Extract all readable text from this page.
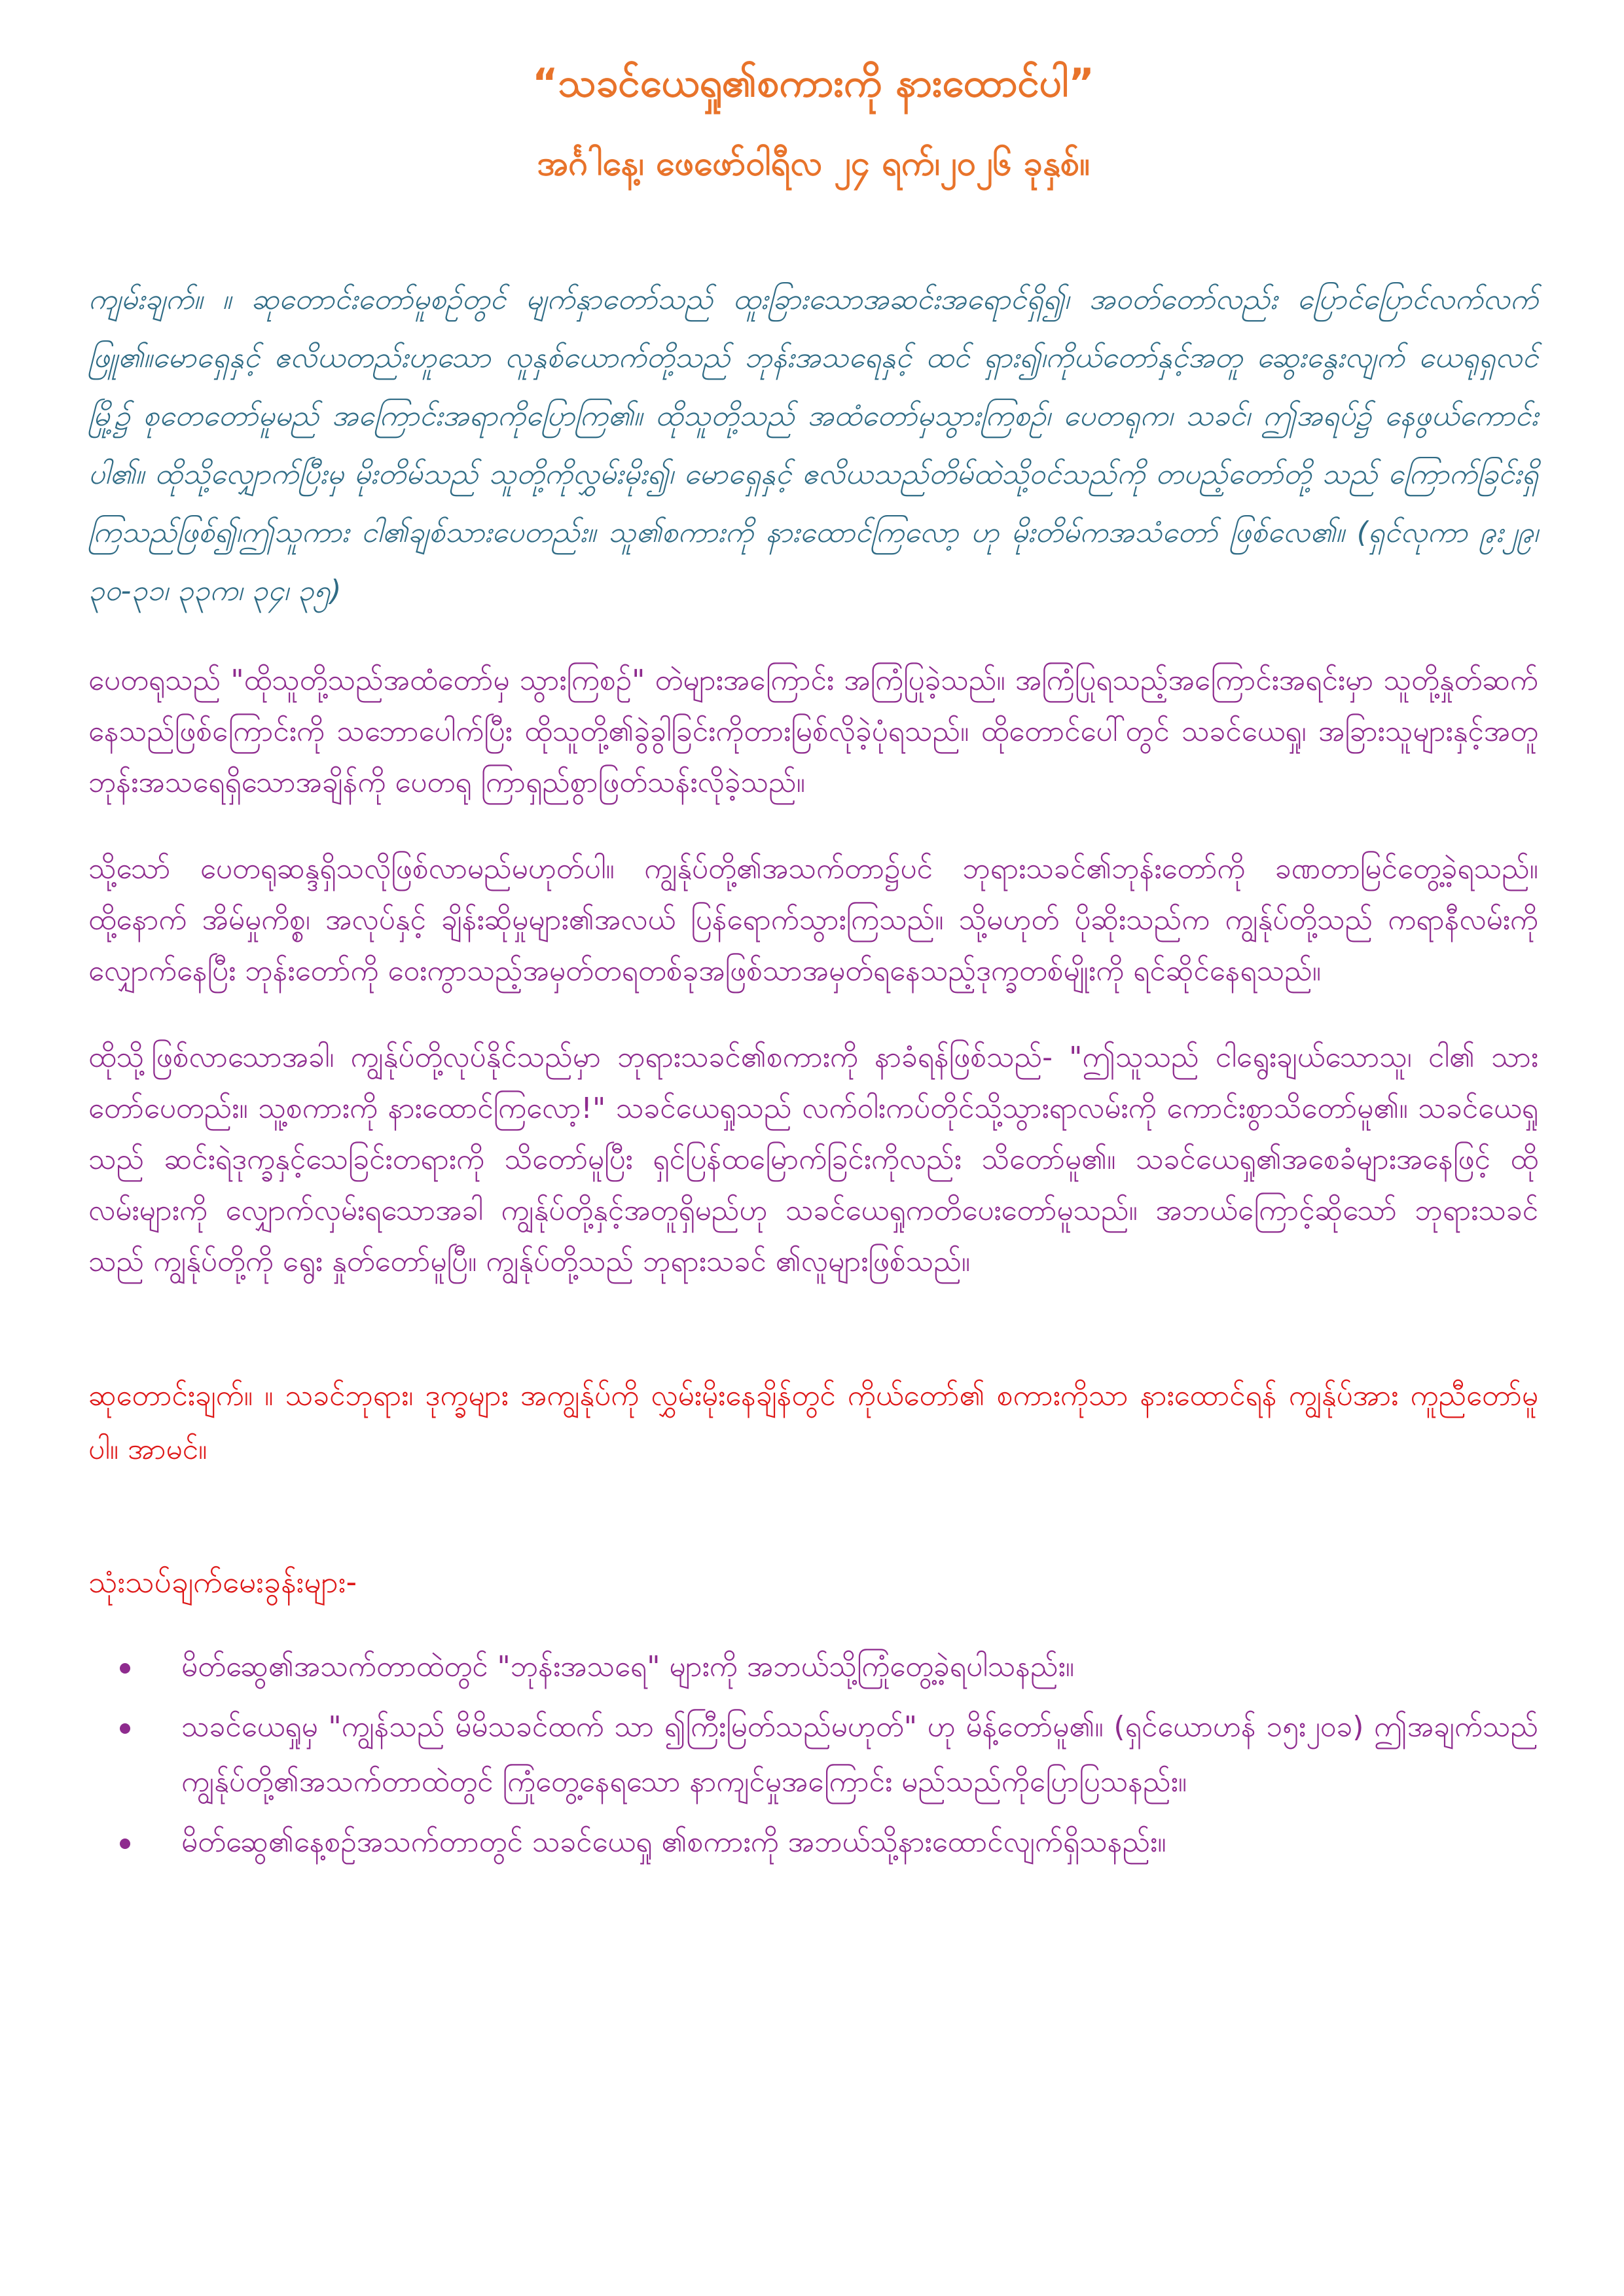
“သခင်ယေရှု၏စကားကို နားထောင်ပါ”
အင်္ဂါနေ့၊ ဖေဖော်ဝါရီလ ၂၄ ရက်၊၂၀၂၆ ခုနှစ်။

ကျမ်းချက်။ ။ ဆုတောင်းတော်မူစဉ်တွင် မျက်နှာတော်သည် ထူးခြားသောအဆင်းအရောင်ရှိ၍၊ အဝတ်တော်လည်း ပြောင်ပြောင်လက်လက် ဖြူ၏။မောရှေနှင့် ဧလိယတည်းဟူသော လူနှစ်ယောက်တို့သည် ဘုန်းအသရေနှင့် ထင် ရှား၍၊ကိုယ်တော်နှင့်အတူ ဆွေးနွေးလျက် ယေရုရှလင်မြို့၌ စုတေတော်မူမည် အကြောင်းအရာကိုပြောကြ၏။ ထိုသူတို့သည် အထံတော်မှသွားကြစဉ်၊ ပေတရုက၊ သခင်၊ ဤအရပ်၌ နေဖွယ်ကောင်းပါ၏။ ထိုသို့လျှောက်ပြီးမှ မိုးတိမ်သည် သူတို့ကိုလွှမ်းမိုး၍၊ မောရှေနှင့် ဧလိယသည်တိမ်ထဲသို့ဝင်သည်ကို တပည့်တော်တို့ သည် ကြောက်ခြင်းရှိကြသည်ဖြစ်၍၊ဤသူကား ငါ၏ချစ်သားပေတည်း။ သူ၏စကားကို နားထောင်ကြလော့ ဟု မိုးတိမ်ကအသံတော် ဖြစ်လေ၏။ (ရှင်လုကာ ၉း၂၉၊ ၃၀-၃၁၊ ၃၃က၊ ၃၄၊ ၃၅)

ပေတရုသည် "ထိုသူတို့သည်အထံတော်မှ သွားကြစဉ်" တဲများအကြောင်း အကြံပြုခဲ့သည်။ အကြံပြုရသည့်အကြောင်းအရင်းမှာ သူတို့နှုတ်ဆက်နေသည်ဖြစ်ကြောင်းကို သဘောပေါက်ပြီး ထိုသူတို့၏ခွဲခွါခြင်းကိုတားမြစ်လိုခဲ့ပုံရသည်။ ထိုတောင်ပေါ်တွင် သခင်ယေရှု၊ အခြားသူများနှင့်အတူ ဘုန်းအသရေရှိသောအချိန်ကို ပေတရု ကြာရှည်စွာဖြတ်သန်းလိုခဲ့သည်။

သို့သော် ပေတရုဆန္ဒရှိသလိုဖြစ်လာမည်မဟုတ်ပါ။ ကျွန်ုပ်တို့၏အသက်တာ၌ပင် ဘုရားသခင်၏ဘုန်းတော်ကို ခဏတာမြင်တွေ့ခဲ့ရသည်။ ထို့နောက် အိမ်မှုကိစ္စ၊ အလုပ်နှင့် ချိန်းဆိုမှုများ၏အလယ် ပြန်ရောက်သွားကြသည်။ သို့မဟုတ် ပိုဆိုးသည်က ကျွန်ုပ်တို့သည် ကရာနီလမ်းကို လျှောက်နေပြီး ဘုန်းတော်ကို ဝေးကွာသည့်အမှတ်တရတစ်ခုအဖြစ်သာအမှတ်ရနေသည့်ဒုက္ခတစ်မျိုးကို ရင်ဆိုင်နေရသည်။

ထိုသို့ဖြစ်လာသောအခါ၊ ကျွန်ုပ်တို့လုပ်နိုင်သည်မှာ ဘုရားသခင်၏စကားကို နာခံရန်ဖြစ်သည်- "ဤသူသည် ငါရွေးချယ်သောသူ၊ ငါ၏ သားတော်ပေတည်း။ သူ့စကားကို နားထောင်ကြလော့!" သခင်ယေရှုသည် လက်ဝါးကပ်တိုင်သို့သွားရာလမ်းကို ကောင်းစွာသိတော်မူ၏။ သခင်ယေရှုသည် ဆင်းရဲဒုက္ခနှင့်သေခြင်းတရားကို သိတော်မူပြီး ရှင်ပြန်ထမြောက်ခြင်းကိုလည်း သိတော်မူ၏။ သခင်ယေရှု၏အစေခံများအနေဖြင့် ထိုလမ်းများကို လျှောက်လှမ်းရသောအခါ ကျွန်ုပ်တို့နှင့်အတူရှိမည်ဟု သခင်ယေရှုကတိပေးတော်မူသည်။ အဘယ်ကြောင့်ဆိုသော် ဘုရားသခင်သည် ကျွန်ုပ်တို့ကို ရွေး နှုတ်တော်မူပြီ။ ကျွန်ုပ်တို့သည် ဘုရားသခင် ၏လူများဖြစ်သည်။

ဆုတောင်းချက်။ ။ သခင်ဘုရား၊ ဒုက္ခများ အကျွန်ုပ်ကို လွှမ်းမိုးနေချိန်တွင် ကိုယ်တော်၏ စကားကိုသာ နားထောင်ရန် ကျွန်ုပ်အား ကူညီတော်မူပါ။ အာမင်။

သုံးသပ်ချက်မေးခွန်းများ-
မိတ်ဆွေ၏အသက်တာထဲတွင် "ဘုန်းအသရေ" များကို အဘယ်သို့ကြုံတွေ့ခဲ့ရပါသနည်း။
သခင်ယေရှုမှ "ကျွန်သည် မိမိသခင်ထက် သာ ၍ကြီးမြတ်သည်မဟုတ်" ဟု မိန့်တော်မူ၏။ (ရှင်ယောဟန် ၁၅း၂၀ခ) ဤအချက်သည် ကျွန်ုပ်တို့၏အသက်တာထဲတွင် ကြုံတွေ့နေရသော နာကျင်မှုအကြောင်း မည်သည်ကိုပြောပြသနည်း။
မိတ်ဆွေ၏နေ့စဉ်အသက်တာတွင် သခင်ယေရှု ၏စကားကို အဘယ်သို့နားထောင်လျက်ရှိသနည်း။
